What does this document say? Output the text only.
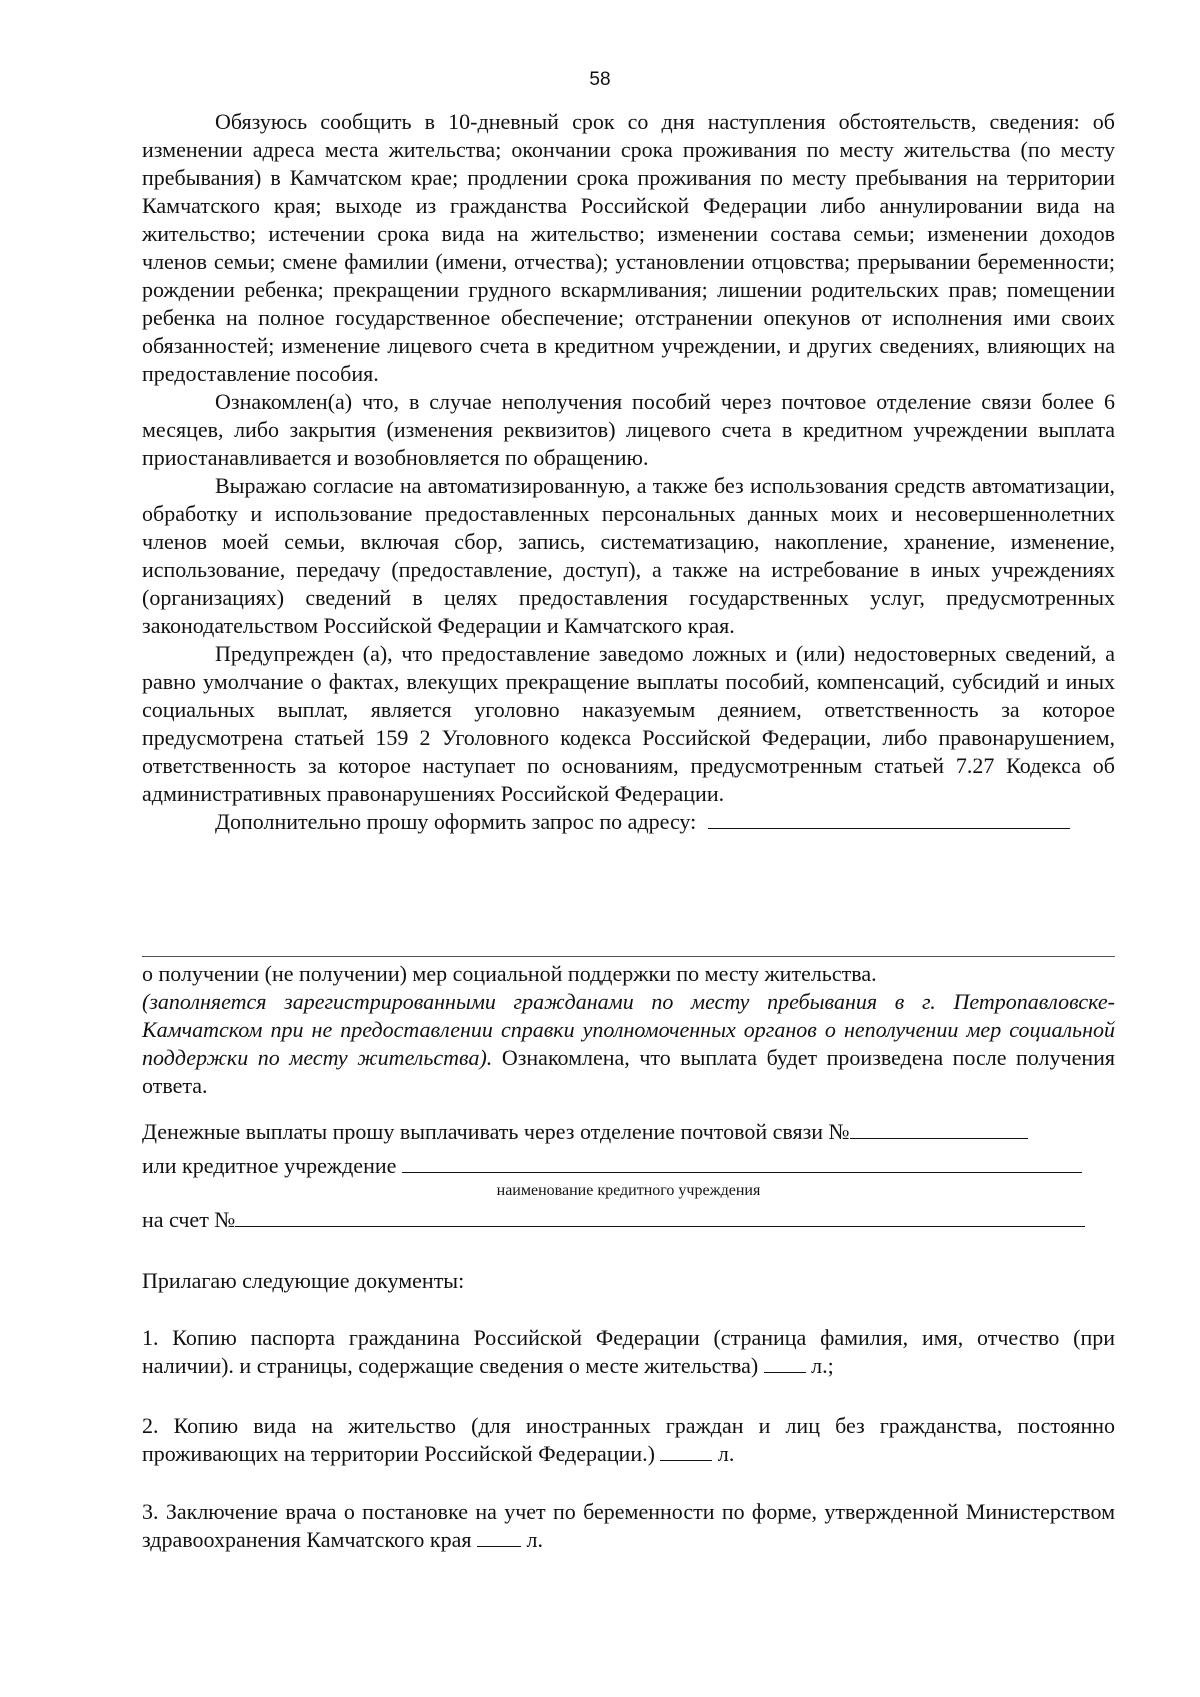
58

Обязуюсь сообщить в 10-дневный срок со дня наступления обстоятельств, сведения: об изменении адреса места жительства; окончании срока проживания по месту жительства (по месту пребывания) в Камчатском крае; продлении срока проживания по месту пребывания на территории Камчатского края; выходе из гражданства Российской Федерации либо аннулировании вида на жительство; истечении срока вида на жительство; изменении состава семьи; изменении доходов членов семьи; смене фамилии (имени, отчества); установлении отцовства; прерывании беременности; рождении ребенка; прекращении грудного вскармливания; лишении родительских прав; помещении ребенка на полное государственное обеспечение; отстранении опекунов от исполнения ими своих обязанностей; изменение лицевого счета в кредитном учреждении, и других сведениях, влияющих на предоставление пособия.

Ознакомлен(а) что, в случае неполучения пособий через почтовое отделение связи более 6 месяцев, либо закрытия (изменения реквизитов) лицевого счета в кредитном учреждении выплата приостанавливается и возобновляется по обращению.

Выражаю согласие на автоматизированную, а также без использования средств автоматизации, обработку и использование предоставленных персональных данных моих и несовершеннолетних членов моей семьи, включая сбор, запись, систематизацию, накопление, хранение, изменение, использование, передачу (предоставление, доступ), а также на истребование в иных учреждениях (организациях) сведений в целях предоставления государственных услуг, предусмотренных законодательством Российской Федерации и Камчатского края.

Предупрежден (а), что предоставление заведомо ложных и (или) недостоверных сведений, а равно умолчание о фактах, влекущих прекращение выплаты пособий, компенсаций, субсидий и иных социальных выплат, является уголовно наказуемым деянием, ответственность за которое предусмотрена статьей 159 2 Уголовного кодекса Российской Федерации, либо правонарушением, ответственность за которое наступает по основаниям, предусмотренным статьей 7.27 Кодекса об административных правонарушениях Российской Федерации.

Дополнительно прошу оформить запрос по адресу:

о получении (не получении) мер социальной поддержки по месту жительства.
(заполняется зарегистрированными гражданами по месту пребывания в г. Петропавловске-Камчатском при не предоставлении справки уполномоченных органов о неполучении мер социальной поддержки по месту жительства). Ознакомлена, что выплата будет произведена после получения ответа.

Денежные выплаты прошу выплачивать через отделение почтовой связи №
или кредитное учреждение
наименование кредитного учреждения
на счет №
Прилагаю следующие документы:

1. Копию паспорта гражданина Российской Федерации (страница фамилия, имя, отчество (при наличии). и страницы, содержащие сведения о месте жительства) л.;

2. Копию вида на жительство (для иностранных граждан и лиц без гражданства, постоянно проживающих на территории Российской Федерации.)	л.

3. Заключение врача о постановке на учет по беременности по форме, утвержденной Министерством здравоохранения Камчатского края	л.
